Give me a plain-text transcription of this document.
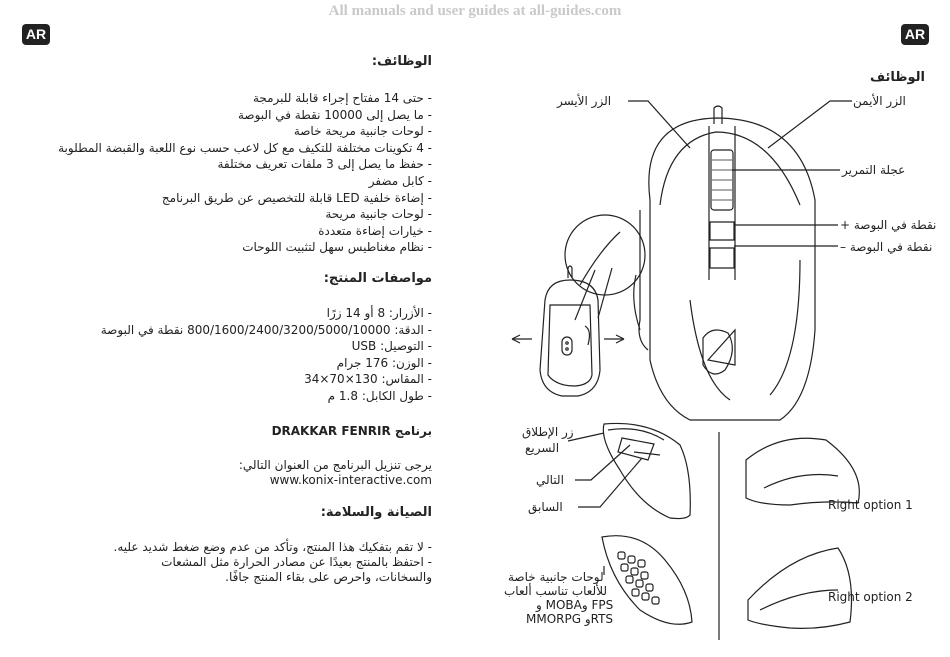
All manuals and user guides at all-guides.com
AR	AR
الوظائف:
- حتى 14 مفتاح إجراء قابلة للبرمجة
- ما يصل إلى 10000 نقطة في البوصة
- لوحات جانبية مريحة خاصة
- 4 تكوينات مختلفة للتكيف مع كل لاعب حسب نوع اللعبة والقبضة المطلوبة
- حفظ ما يصل إلى 3 ملفات تعريف مختلفة
- كابل مضفر
- إضاءة خلفية LED قابلة للتخصيص عن طريق البرنامج
- لوحات جانبية مريحة
- خيارات إضاءة متعددة
- نظام مغناطيس سهل لتثبيت اللوحات
مواصفات المنتج:
- الأزرار: 8 أو 14 زرًا
- الدقة: 800/1600/2400/3200/5000/10000 نقطة في البوصة
- التوصيل: USB
- الوزن: 176 جرام
- المقاس: 130×70×34
- طول الكابل: 1.8 م
برنامج DRAKKAR FENRIR
يرجى تنزيل البرنامج من العنوان التالي:
www.konix-interactive.com
الصيانة والسلامة:
- لا تقم بتفكيك هذا المنتج، وتأكد من عدم وضع ضغط شديد عليه.
- احتفظ بالمنتج بعيدًا عن مصادر الحرارة مثل المشعات والسخانات، واحرص على بقاء المنتج جافًا.
الوظائف
الزر الأيسر	الزر الأيمن
عجلة التمرير
نقطة في البوصة +
نقطة في البوصة –
زر الإطلاق
السريع
التالي
السابق
لوحات جانبية خاصة
للألعاب تناسب ألعاب
FPS وMOBA و
RTSو MMORPG
Right option 1
Right option 2
